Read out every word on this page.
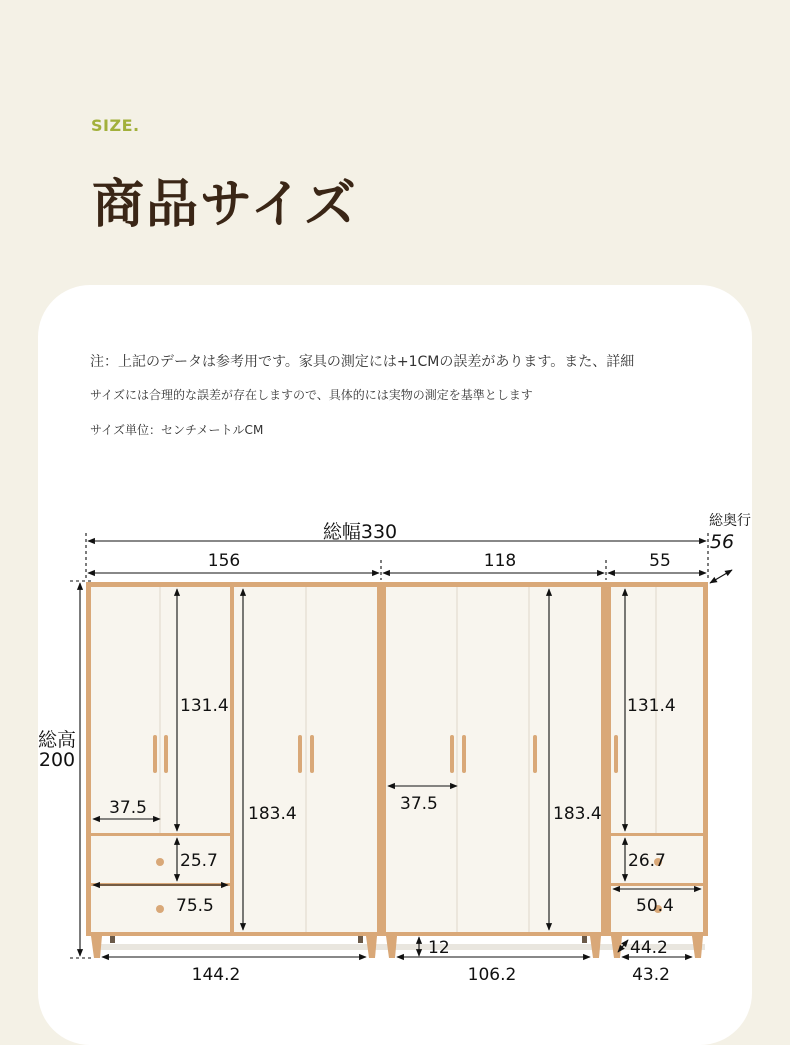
SIZE.
商品サイズ
注：上記のデータは参考用です。家具の測定には+1CMの誤差があります。また、詳細
サイズには合理的な誤差が存在しますので、具体的には実物の測定を基準とします
サイズ単位：センチメートルCM
総幅330	総奥行
56
156	118	55
総高
200
131.4
37.5
25.7
75.5
183.4	37.5	183.4
131.4
26.7
50.4
12	44.2
144.2	106.2	43.2
